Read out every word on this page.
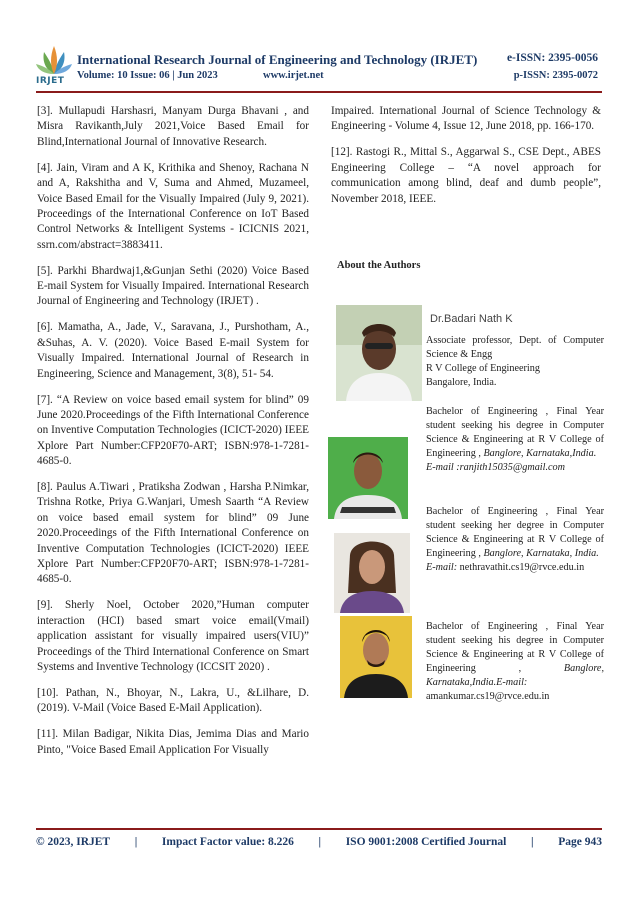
IRJET
International Research Journal of Engineering and Technology (IRJET)	e-ISSN: 2395-0056
Volume: 10 Issue: 06 | Jun 2023	www.irjet.net	p-ISSN: 2395-0072

[3]. Mullapudi Harshasri, Manyam Durga Bhavani , and Misra Ravikanth,July 2021,Voice Based Email for Blind,International Journal of Innovative Research.

[4]. Jain, Viram and A K, Krithika and Shenoy, Rachana N and A, Rakshitha and V, Suma and Ahmed, Muzameel, Voice Based Email for the Visually Impaired (July 9, 2021). Proceedings of the International Conference on IoT Based Control Networks & Intelligent Systems - ICICNIS 2021, ssrn.com/abstract=3883411.

[5]. Parkhi Bhardwaj1,&Gunjan Sethi (2020) Voice Based E-mail System for Visually Impaired. International Research Journal of Engineering and Technology (IRJET) .

[6]. Mamatha, A., Jade, V., Saravana, J., Purshotham, A., &Suhas, A. V. (2020). Voice Based E-mail System for Visually Impaired. International Journal of Research in Engineering, Science and Management, 3(8), 51- 54.

[7]. “A Review on voice based email system for blind” 09 June 2020.Proceedings of the Fifth International Conference on Inventive Computation Technologies (ICICT-2020) IEEE Xplore Part Number:CFP20F70-ART; ISBN:978-1-7281-4685-0.

[8]. Paulus A.Tiwari , Pratiksha Zodwan , Harsha P.Nimkar, Trishna Rotke, Priya G.Wanjari, Umesh Saarth “A Review on voice based email system for blind” 09 June 2020.Proceedings of the Fifth International Conference on Inventive Computation Technologies (ICICT-2020) IEEE Xplore Part Number:CFP20F70-ART; ISBN:978-1-7281-4685-0.

[9]. Sherly Noel, October 2020,”Human computer interaction (HCI) based smart voice email(Vmail) application assistant for visually impaired users(VIU)” Proceedings of the Third International Conference on Smart Systems and Inventive Technology (ICCSIT 2020) .

[10]. Pathan, N., Bhoyar, N., Lakra, U., &Lilhare, D. (2019). V-Mail (Voice Based E-Mail Application).

[11]. Milan Badigar, Nikita Dias, Jemima Dias and Mario Pinto, "Voice Based Email Application For Visually

Impaired. International Journal of Science Technology & Engineering - Volume 4, Issue 12, June 2018, pp. 166-170.

[12]. Rastogi R., Mittal S., Aggarwal S., CSE Dept., ABES Engineering College – “A novel approach for communication among blind, deaf and dumb people”, November 2018, IEEE.

About the Authors
Dr.Badari Nath K
Associate professor, Dept. of Computer Science & Engg
R V College of Engineering
Bangalore, India.
Bachelor of Engineering , Final Year student seeking his degree in Computer Science & Engineering at R V College of Engineering , Banglore, Karnataka,India.
E-mail :ranjith15035@gmail.com
Bachelor of Engineering , Final Year student seeking her degree in Computer Science & Engineering at R V College of Engineering , Banglore, Karnataka, India.
E-mail: nethravathit.cs19@rvce.edu.in
Bachelor of Engineering , Final Year student seeking his degree in Computer Science & Engineering at R V College of Engineering ,	Banglore, Karnataka,India.E-mail:
amankumar.cs19@rvce.edu.in
© 2023, IRJET | Impact Factor value: 8.226 | ISO 9001:2008 Certified Journal | Page 943
